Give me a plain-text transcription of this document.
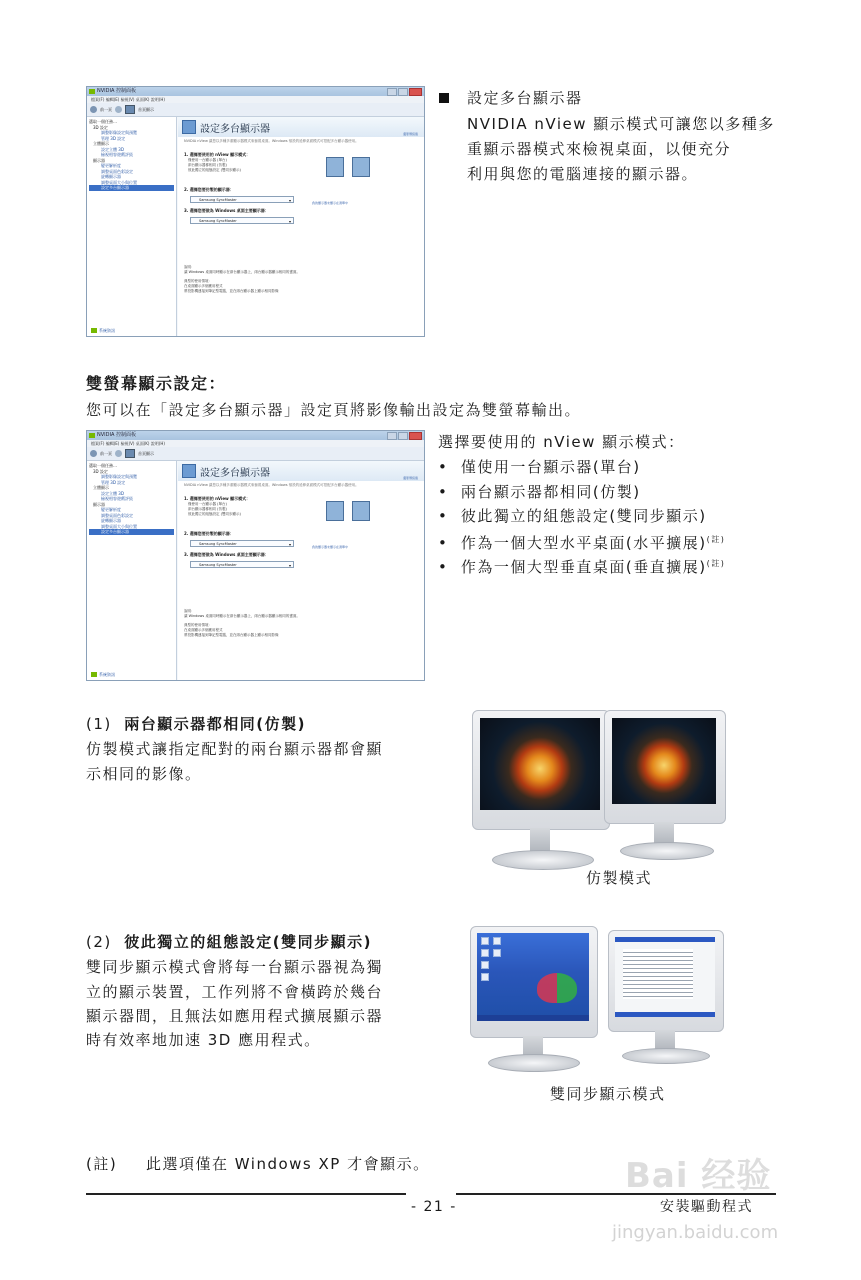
NVIDIA 控制面板
檔案(F) 編輯(E) 檢視(V) 桌面(K) 說明(H)
前一頁	首頁顯示
選取一個任務…
3D 設定
調整影像設定與預覽
管理 3D 設定
立體顯示
設定立體 3D
檢視相容遊戲評級
顯示器
變更解析度
調整桌面色彩設定
旋轉顯示器
調整桌面大小與位置
設定多台顯示器
系統資訊
設定多台顯示器	還原預設值
NVIDIA nView 讓您以多種多重顯示器模式來檢視桌面。Windows 預設的延伸桌面模式可搭配多台顯示器使用。
1. 選擇要使用的 nView 顯示模式：
僅使用一台顯示器 (單台)
兩台顯示器都相同 (仿製)
彼此獨立的組態設定 (雙同步顯示)
2. 選擇您要仿製的顯示器：
Samsung SyncMaster ▾
3. 選擇您要做為 Windows 桌面主要顯示器：
Samsung SyncMaster ▾
我的顯示器未顯示在清單中
說明：
讓 Windows 桌面同時顯示在兩台顯示器上，兩台顯示器顯示相同的畫面。
典型的使用情境：
在桌面顯示多個應用程式
將投影機連接到筆記型電腦，並在兩台顯示器上顯示相同影像
設定多台顯示器
NVIDIA nView 顯示模式可讓您以多種多
重顯示器模式來檢視桌面，以便充分
利用與您的電腦連接的顯示器。
雙螢幕顯示設定：
您可以在「設定多台顯示器」設定頁將影像輸出設定為雙螢幕輸出。
NVIDIA 控制面板
檔案(F) 編輯(E) 檢視(V) 桌面(K) 說明(H)
前一頁	首頁顯示
選取一個任務…
3D 設定
調整影像設定與預覽
管理 3D 設定
立體顯示
設定立體 3D
檢視相容遊戲評級
顯示器
變更解析度
調整桌面色彩設定
旋轉顯示器
調整桌面大小與位置
設定多台顯示器
系統資訊
設定多台顯示器	還原預設值
NVIDIA nView 讓您以多種多重顯示器模式來檢視桌面。Windows 預設的延伸桌面模式可搭配多台顯示器使用。
1. 選擇要使用的 nView 顯示模式：
僅使用一台顯示器 (單台)
兩台顯示器都相同 (仿製)
彼此獨立的組態設定 (雙同步顯示)
2. 選擇您要仿製的顯示器：
Samsung SyncMaster ▾
3. 選擇您要做為 Windows 桌面主要顯示器：
Samsung SyncMaster ▾
我的顯示器未顯示在清單中
說明：
讓 Windows 桌面同時顯示在兩台顯示器上，兩台顯示器顯示相同的畫面。
典型的使用情境：
在桌面顯示多個應用程式
將投影機連接到筆記型電腦，並在兩台顯示器上顯示相同影像
選擇要使用的 nView 顯示模式：
•  僅使用一台顯示器(單台)
•  兩台顯示器都相同(仿製)
•  彼此獨立的組態設定(雙同步顯示)
•  作為一個大型水平桌面(水平擴展)$^{(註)}$
•  作為一個大型垂直桌面(垂直擴展)$^{(註)}$
(1) 兩台顯示器都相同(仿製)
仿製模式讓指定配對的兩台顯示器都會顯
示相同的影像。
仿製模式
(2) 彼此獨立的組態設定(雙同步顯示)
雙同步顯示模式會將每一台顯示器視為獨
立的顯示裝置，工作列將不會橫跨於幾台
顯示器間，且無法如應用程式擴展顯示器
時有效率地加速 3D 應用程式。
雙同步顯示模式
(註) 此選項僅在 Windows XP 才會顯示。
- 21 -	安裝驅動程式
Bai 经验
jingyan.baidu.com
